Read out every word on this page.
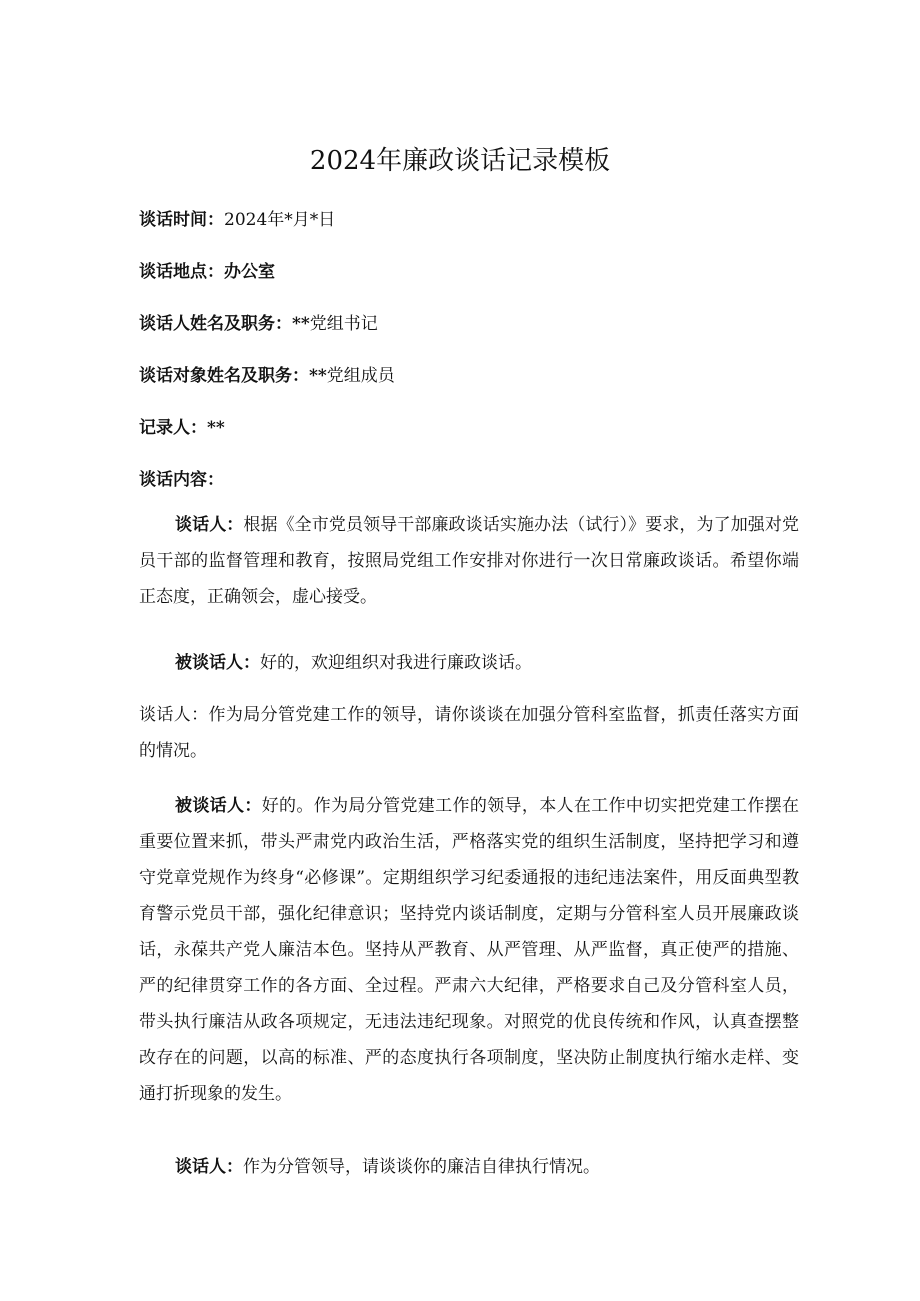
2024年廉政谈话记录模板
谈话时间：2024年*月*日
谈话地点：办公室
谈话人姓名及职务：**党组书记
谈话对象姓名及职务：**党组成员
记录人：**
谈话内容：
谈话人：根据《全市党员领导干部廉政谈话实施办法（试行）》要求，为了加强对党员干部的监督管理和教育，按照局党组工作安排对你进行一次日常廉政谈话。希望你端正态度，正确领会，虚心接受。
被谈话人：好的，欢迎组织对我进行廉政谈话。
谈话人：作为局分管党建工作的领导，请你谈谈在加强分管科室监督，抓责任落实方面的情况。
被谈话人：好的。作为局分管党建工作的领导，本人在工作中切实把党建工作摆在重要位置来抓，带头严肃党内政治生活，严格落实党的组织生活制度，坚持把学习和遵守党章党规作为终身“必修课”。定期组织学习纪委通报的违纪违法案件，用反面典型教育警示党员干部，强化纪律意识；坚持党内谈话制度，定期与分管科室人员开展廉政谈话，永葆共产党人廉洁本色。坚持从严教育、从严管理、从严监督，真正使严的措施、严的纪律贯穿工作的各方面、全过程。严肃六大纪律，严格要求自己及分管科室人员，带头执行廉洁从政各项规定，无违法违纪现象。对照党的优良传统和作风，认真查摆整改存在的问题，以高的标准、严的态度执行各项制度，坚决防止制度执行缩水走样、变通打折现象的发生。
谈话人：作为分管领导，请谈谈你的廉洁自律执行情况。
